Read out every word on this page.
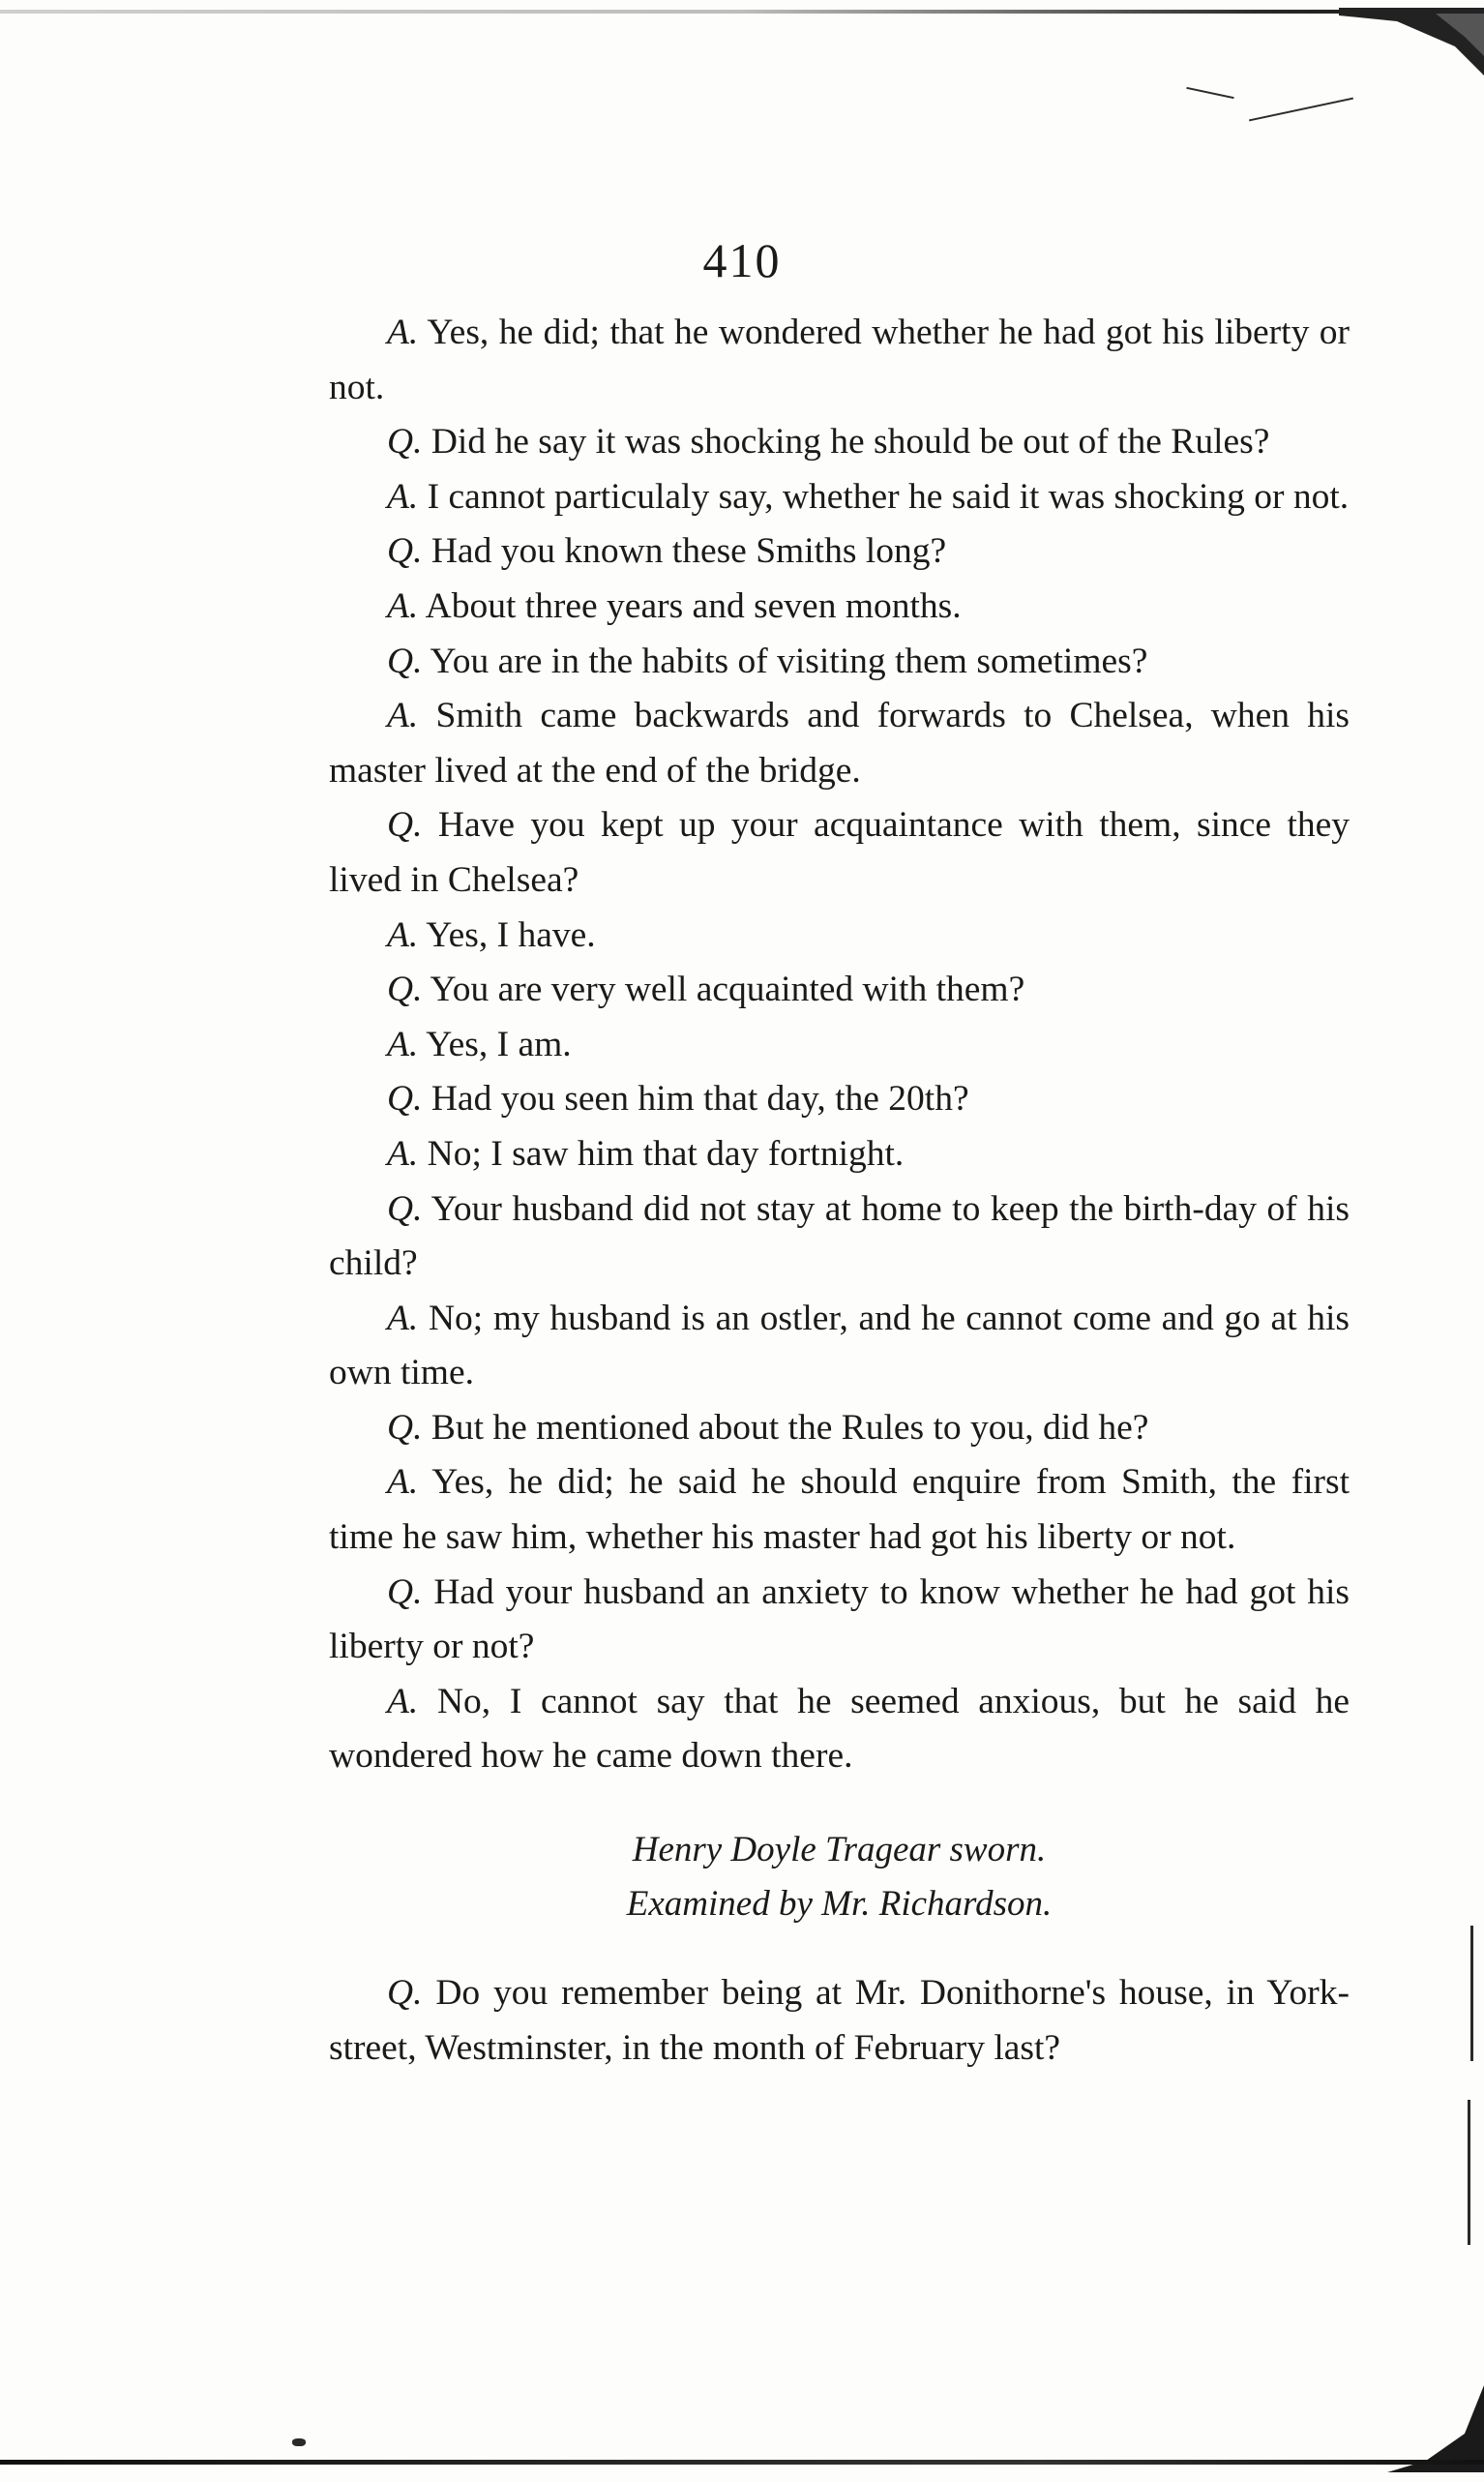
410

A. Yes, he did; that he wondered whether he had got his liberty or not.

Q. Did he say it was shocking he should be out of the Rules?

A. I cannot particulaly say, whether he said it was shocking or not.

Q. Had you known these Smiths long?

A. About three years and seven months.

Q. You are in the habits of visiting them sometimes?

A. Smith came backwards and forwards to Chelsea, when his master lived at the end of the bridge.

Q. Have you kept up your acquaintance with them, since they lived in Chelsea?

A. Yes, I have.

Q. You are very well acquainted with them?

A. Yes, I am.

Q. Had you seen him that day, the 20th?

A. No; I saw him that day fortnight.

Q. Your husband did not stay at home to keep the birth-day of his child?

A. No; my husband is an ostler, and he cannot come and go at his own time.

Q. But he mentioned about the Rules to you, did he?

A. Yes, he did; he said he should enquire from Smith, the first time he saw him, whether his master had got his liberty or not.

Q. Had your husband an anxiety to know whether he had got his liberty or not?

A. No, I cannot say that he seemed anxious, but he said he wondered how he came down there.

Henry Doyle Tragear sworn.
Examined by Mr. Richardson.

Q. Do you remember being at Mr. Donithorne's house, in York-street, Westminster, in the month of February last?
